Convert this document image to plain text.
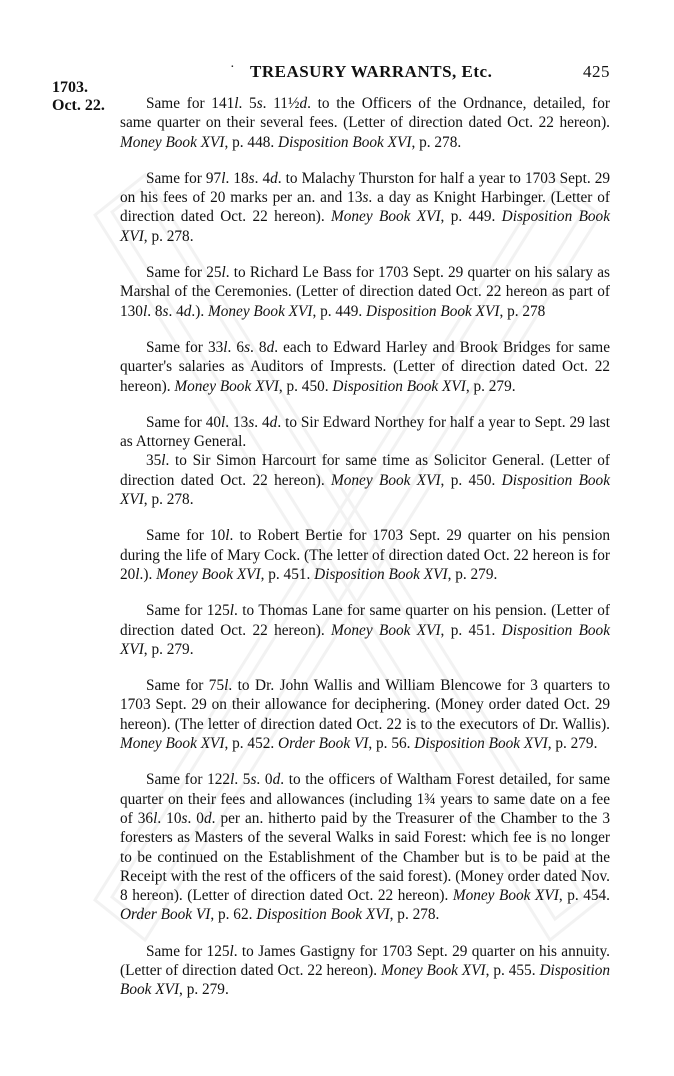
· TREASURY WARRANTS, Etc.	425
1703.
Oct. 22.	Same for 141l. 5s. 11½d. to the Officers of the Ordnance, detailed, for same quarter on their several fees. (Letter of direction dated Oct. 22 hereon). Money Book XVI, p. 448. Disposition Book XVI, p. 278.

Same for 97l. 18s. 4d. to Malachy Thurston for half a year to 1703 Sept. 29 on his fees of 20 marks per an. and 13s. a day as Knight Harbinger. (Letter of direction dated Oct. 22 hereon). Money Book XVI, p. 449. Disposition Book XVI, p. 278.

Same for 25l. to Richard Le Bass for 1703 Sept. 29 quarter on his salary as Marshal of the Ceremonies. (Letter of direction dated Oct. 22 hereon as part of 130l. 8s. 4d.). Money Book XVI, p. 449. Disposition Book XVI, p. 278

Same for 33l. 6s. 8d. each to Edward Harley and Brook Bridges for same quarter's salaries as Auditors of Imprests. (Letter of direction dated Oct. 22 hereon). Money Book XVI, p. 450. Disposition Book XVI, p. 279.

Same for 40l. 13s. 4d. to Sir Edward Northey for half a year to Sept. 29 last as Attorney General.

35l. to Sir Simon Harcourt for same time as Solicitor General. (Letter of direction dated Oct. 22 hereon). Money Book XVI, p. 450. Disposition Book XVI, p. 278.

Same for 10l. to Robert Bertie for 1703 Sept. 29 quarter on his pension during the life of Mary Cock. (The letter of direction dated Oct. 22 hereon is for 20l.). Money Book XVI, p. 451. Disposition Book XVI, p. 279.

Same for 125l. to Thomas Lane for same quarter on his pension. (Letter of direction dated Oct. 22 hereon). Money Book XVI, p. 451. Disposition Book XVI, p. 279.

Same for 75l. to Dr. John Wallis and William Blencowe for 3 quarters to 1703 Sept. 29 on their allowance for deciphering. (Money order dated Oct. 29 hereon). (The letter of direction dated Oct. 22 is to the executors of Dr. Wallis). Money Book XVI, p. 452. Order Book VI, p. 56. Disposition Book XVI, p. 279.

Same for 122l. 5s. 0d. to the officers of Waltham Forest detailed, for same quarter on their fees and allowances (including 1¾ years to same date on a fee of 36l. 10s. 0d. per an. hitherto paid by the Treasurer of the Chamber to the 3 foresters as Masters of the several Walks in said Forest: which fee is no longer to be continued on the Establishment of the Chamber but is to be paid at the Receipt with the rest of the officers of the said forest). (Money order dated Nov. 8 hereon). (Letter of direction dated Oct. 22 hereon). Money Book XVI, p. 454. Order Book VI, p. 62. Disposition Book XVI, p. 278.

Same for 125l. to James Gastigny for 1703 Sept. 29 quarter on his annuity. (Letter of direction dated Oct. 22 hereon). Money Book XVI, p. 455. Disposition Book XVI, p. 279.
